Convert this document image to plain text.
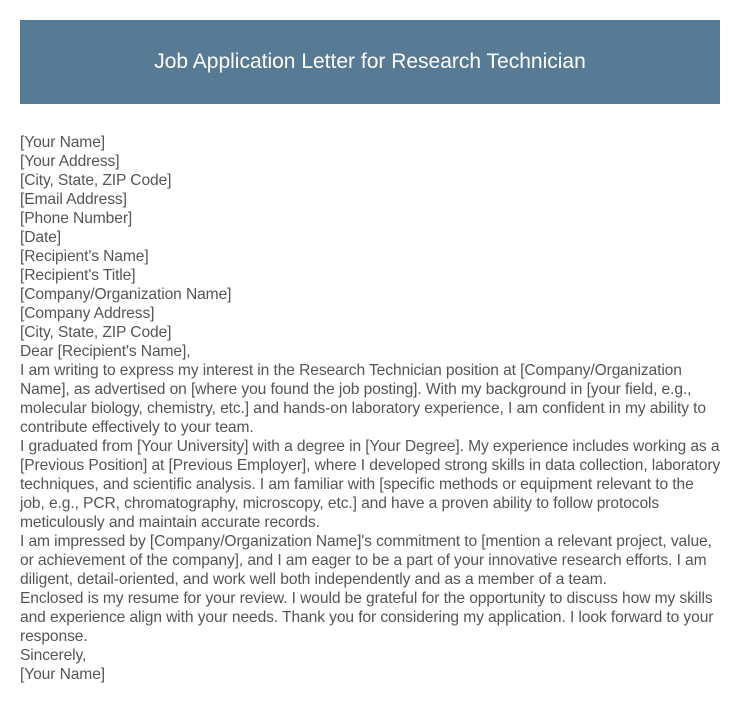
Job Application Letter for Research Technician
[Your Name]
[Your Address]
[City, State, ZIP Code]
[Email Address]
[Phone Number]
[Date]
[Recipient's Name]
[Recipient's Title]
[Company/Organization Name]
[Company Address]
[City, State, ZIP Code]
Dear [Recipient's Name],
I am writing to express my interest in the Research Technician position at [Company/Organization Name], as advertised on [where you found the job posting]. With my background in [your field, e.g., molecular biology, chemistry, etc.] and hands-on laboratory experience, I am confident in my ability to contribute effectively to your team.
I graduated from [Your University] with a degree in [Your Degree]. My experience includes working as a [Previous Position] at [Previous Employer], where I developed strong skills in data collection, laboratory techniques, and scientific analysis. I am familiar with [specific methods or equipment relevant to the job, e.g., PCR, chromatography, microscopy, etc.] and have a proven ability to follow protocols meticulously and maintain accurate records.
I am impressed by [Company/Organization Name]'s commitment to [mention a relevant project, value, or achievement of the company], and I am eager to be a part of your innovative research efforts. I am diligent, detail-oriented, and work well both independently and as a member of a team.
Enclosed is my resume for your review. I would be grateful for the opportunity to discuss how my skills and experience align with your needs. Thank you for considering my application. I look forward to your response.
Sincerely,
[Your Name]
